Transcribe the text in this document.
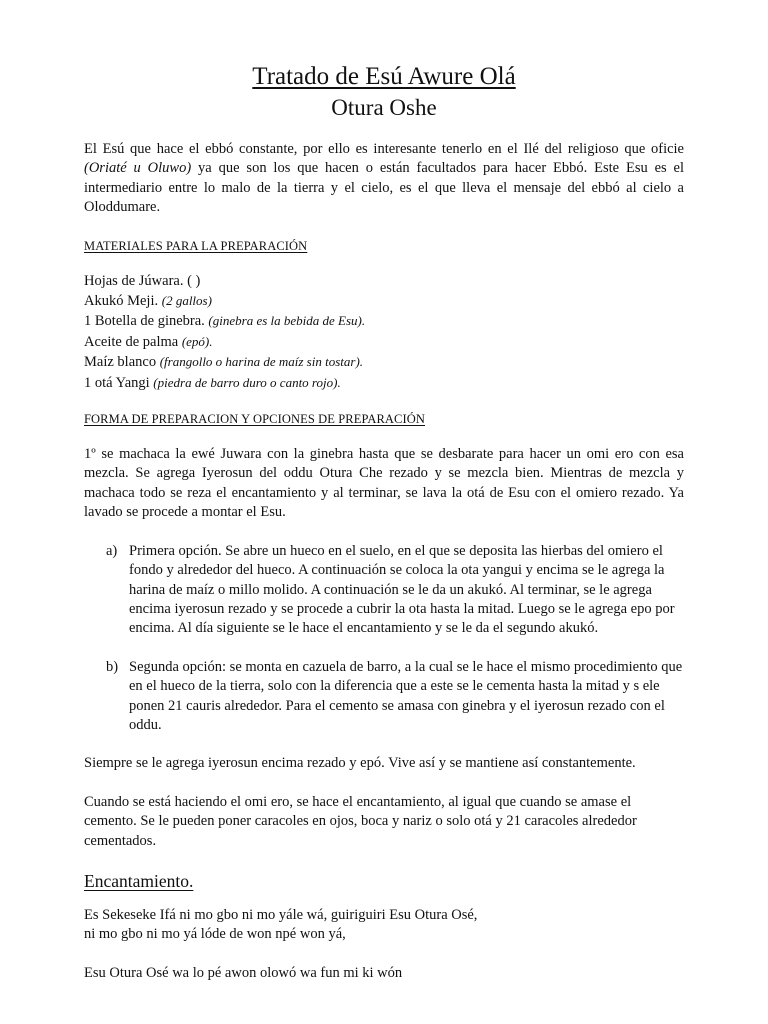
Tratado de Esú Awure Olá
Otura Oshe

El Esú que hace el ebbó constante, por ello es interesante tenerlo en el Ilé del religioso que oficie (Oriaté u Oluwo) ya que son los que hacen o están facultados para hacer Ebbó. Este Esu es el intermediario entre lo malo de la tierra y el cielo, es el que lleva el mensaje del ebbó al cielo a Oloddumare.

MATERIALES PARA LA PREPARACIÓN
Hojas de Júwara. ( )
Akukó Meji. (2 gallos)
1 Botella de ginebra. (ginebra es la bebida de Esu).
Aceite de palma (epó).
Maíz blanco (frangollo o harina de maíz sin tostar).
1 otá Yangi (piedra de barro duro o canto rojo).
FORMA DE PREPARACION Y OPCIONES DE PREPARACIÓN

1º se machaca la ewé Juwara con la ginebra hasta que se desbarate para hacer un omi ero con esa mezcla. Se agrega Iyerosun del oddu Otura Che rezado y se mezcla bien. Mientras de mezcla y machaca todo se reza el encantamiento y al terminar, se lava la otá de Esu con el omiero rezado. Ya lavado se procede a montar el Esu.

a) Primera opción. Se abre un hueco en el suelo, en el que se deposita las hierbas del omiero el fondo y alrededor del hueco. A continuación se coloca la ota yangui y encima se le agrega la harina de maíz o millo molido. A continuación se le da un akukó. Al terminar, se le agrega encima iyerosun rezado y se procede a cubrir la ota hasta la mitad. Luego se le agrega epo por encima. Al día siguiente se le hace el encantamiento y se le da el segundo akukó.

b) Segunda opción: se monta en cazuela de barro, a la cual se le hace el mismo procedimiento que en el hueco de la tierra, solo con la diferencia que a este se le cementa hasta la mitad y s ele ponen 21 cauris alrededor. Para el cemento se amasa con ginebra y el iyerosun rezado con el oddu.

Siempre se le agrega iyerosun encima rezado y epó. Vive así y se mantiene así constantemente.

Cuando se está haciendo el omi ero, se hace el encantamiento, al igual que cuando se amase el cemento. Se le pueden poner caracoles en ojos, boca y nariz o solo otá y 21 caracoles alrededor cementados.

Encantamiento.

Es Sekeseke Ifá ni mo gbo ni mo yále wá, guiriguiri Esu Otura Osé,
ni mo gbo ni mo yá lóde de won npé won yá,

Esu Otura Osé wa lo pé awon olowó wa fun mi ki wón
